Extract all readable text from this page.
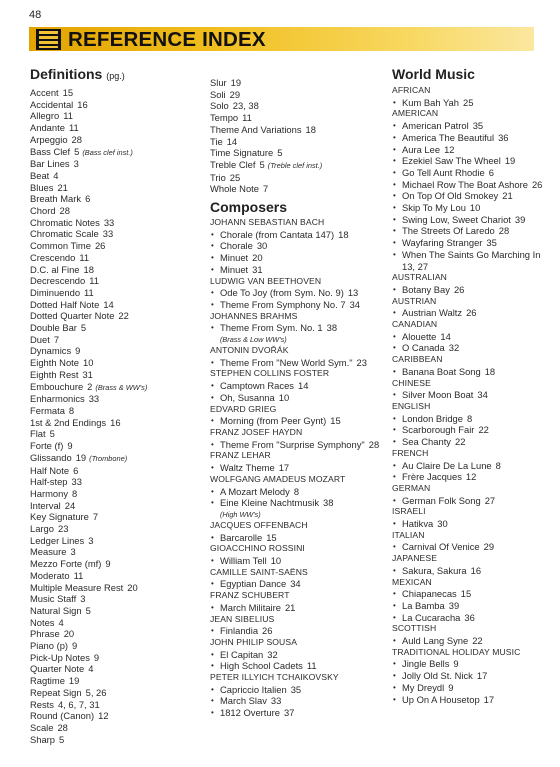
48
REFERENCE INDEX
Definitions (pg.)
Accent 15
Accidental 16
Allegro 11
Andante 11
Arpeggio 28
Bass Clef 5 (Bass clef inst.)
Bar Lines 3
Beat 4
Blues 21
Breath Mark 6
Chord 28
Chromatic Notes 33
Chromatic Scale 33
Common Time 26
Crescendo 11
D.C. al Fine 18
Decrescendo 11
Diminuendo 11
Dotted Half Note 14
Dotted Quarter Note 22
Double Bar 5
Duet 7
Dynamics 9
Eighth Note 10
Eighth Rest 31
Embouchure 2 (Brass & WW's)
Enharmonics 33
Fermata 8
1st & 2nd Endings 16
Flat 5
Forte (f) 9
Glissando 19 (Trombone)
Half Note 6
Half-step 33
Harmony 8
Interval 24
Key Signature 7
Largo 23
Ledger Lines 3
Measure 3
Mezzo Forte (mf) 9
Moderato 11
Multiple Measure Rest 20
Music Staff 3
Natural Sign 5
Notes 4
Phrase 20
Piano (p) 9
Pick-Up Notes 9
Quarter Note 4
Ragtime 19
Repeat Sign 5, 26
Rests 4, 6, 7, 31
Round (Canon) 12
Scale 28
Sharp 5
Slur 19
Soli 29
Solo 23, 38
Tempo 11
Theme And Variations 18
Tie 14
Time Signature 5
Treble Clef 5 (Treble clef inst.)
Trio 25
Whole Note 7
Composers
JOHANN SEBASTIAN BACH
• Chorale (from Cantata 147) 18
• Chorale 30
• Minuet 20
• Minuet 31
LUDWIG VAN BEETHOVEN
• Ode To Joy (from Sym. No. 9) 13
• Theme From Symphony No. 7 34
JOHANNES BRAHMS
• Theme From Sym. No. 1 38
(Brass & Low WW's)
ANTONIN DVOŘÁK
• Theme From "New World Sym." 23
STEPHEN COLLINS FOSTER
• Camptown Races 14
• Oh, Susanna 10
EDVARD GRIEG
• Morning (from Peer Gynt) 15
FRANZ JOSEF HAYDN
• Theme From "Surprise Symphony" 28
FRANZ LEHAR
• Waltz Theme 17
WOLFGANG AMADEUS MOZART
• A Mozart Melody 8
• Eine Kleine Nachtmusik 38
(High WW's)
JACQUES OFFENBACH
• Barcarolle 15
GIOACCHINO ROSSINI
• William Tell 10
CAMILLE SAINT-SAËNS
• Egyptian Dance 34
FRANZ SCHUBERT
• March Militaire 21
JEAN SIBELIUS
• Finlandia 26
JOHN PHILIP SOUSA
• El Capitan 32
• High School Cadets 11
PETER ILLYICH TCHAIKOVSKY
• Capriccio Italien 35
• March Slav 33
• 1812 Overture 37
World Music
AFRICAN
• Kum Bah Yah 25
AMERICAN
• American Patrol 35
• America The Beautiful 36
• Aura Lee 12
• Ezekiel Saw The Wheel 19
• Go Tell Aunt Rhodie 6
• Michael Row The Boat Ashore 26
• On Top Of Old Smokey 21
• Skip To My Lou 10
• Swing Low, Sweet Chariot 39
• The Streets Of Laredo 28
• Wayfaring Stranger 35
• When The Saints Go Marching In
13, 27
AUSTRALIAN
• Botany Bay 26
AUSTRIAN
• Austrian Waltz 26
CANADIAN
• Alouette 14
• O Canada 32
CARIBBEAN
• Banana Boat Song 18
CHINESE
• Silver Moon Boat 34
ENGLISH
• London Bridge 8
• Scarborough Fair 22
• Sea Chanty 22
FRENCH
• Au Claire De La Lune 8
• Frère Jacques 12
GERMAN
• German Folk Song 27
ISRAELI
• Hatikva 30
ITALIAN
• Carnival Of Venice 29
JAPANESE
• Sakura, Sakura 16
MEXICAN
• Chiapanecas 15
• La Bamba 39
• La Cucaracha 36
SCOTTISH
• Auld Lang Syne 22
TRADITIONAL HOLIDAY MUSIC
• Jingle Bells 9
• Jolly Old St. Nick 17
• My Dreydl 9
• Up On A Housetop 17
